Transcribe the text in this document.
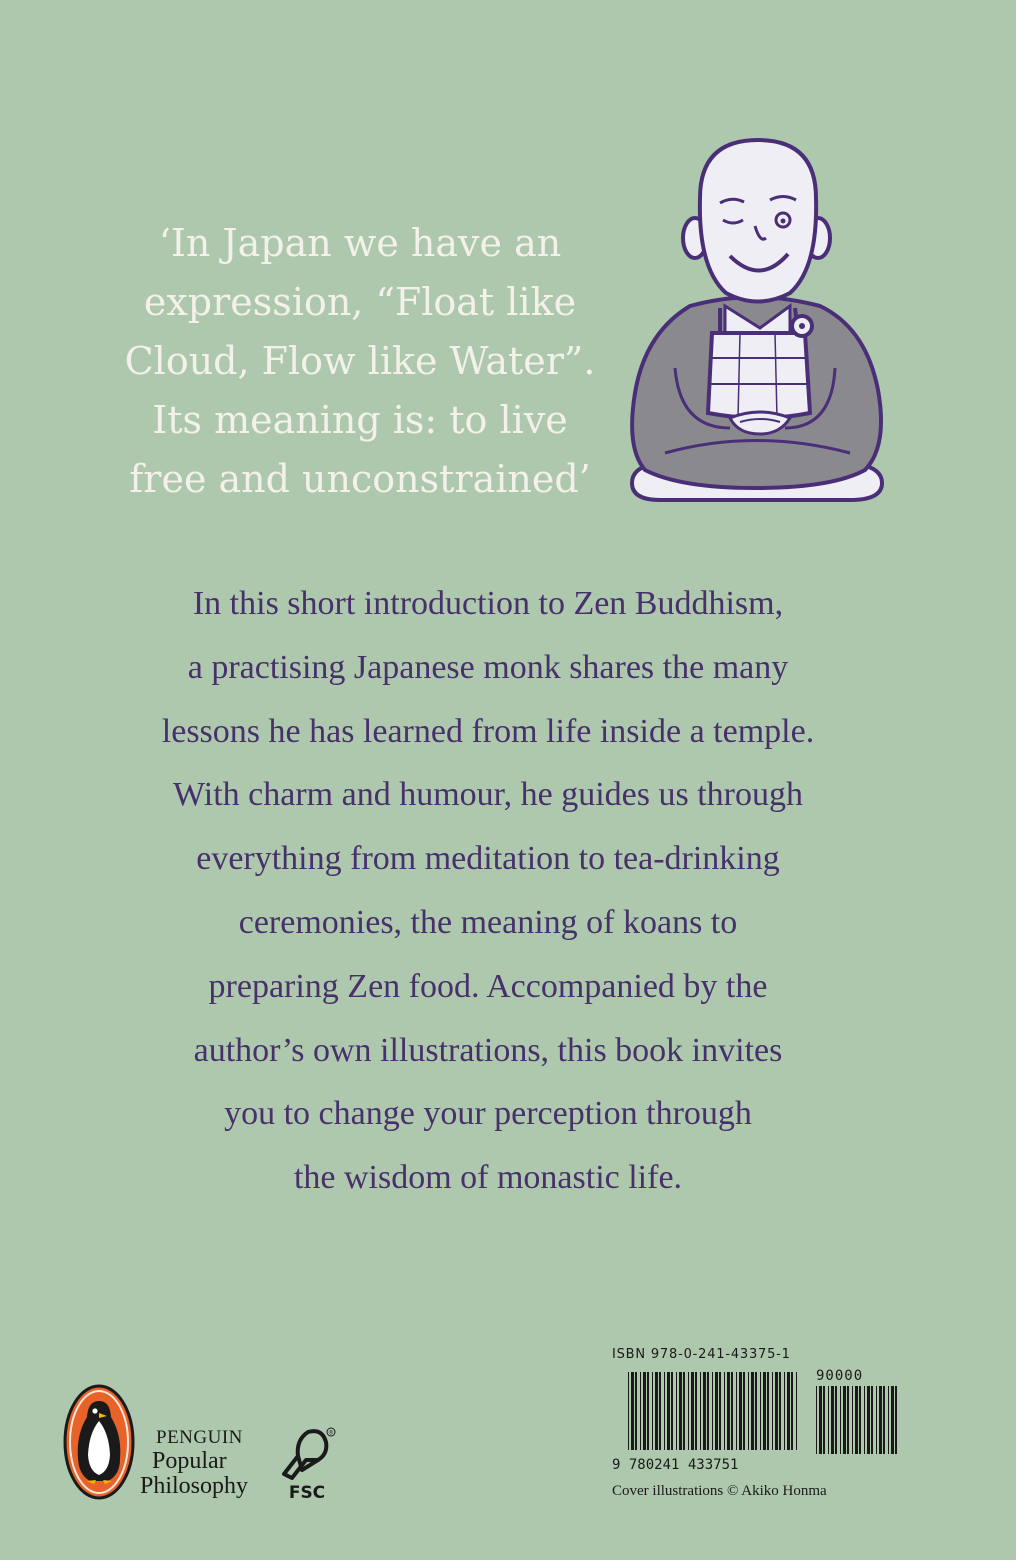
‘In Japan we have an
expression, “Float like
Cloud, Flow like Water”.
Its meaning is: to live
free and unconstrained’
In this short introduction to Zen Buddhism,
a practising Japanese monk shares the many
lessons he has learned from life inside a temple.
With charm and humour, he guides us through
everything from meditation to tea-drinking
ceremonies, the meaning of koans to
preparing Zen food. Accompanied by the
author’s own illustrations, this book invites
you to change your perception through
the wisdom of monastic life.
PENGUIN
Popular
Philosophy
®
FSC
ISBN 978-0-241-43375-1
9 780241 433751
90000
Cover illustrations © Akiko Honma
